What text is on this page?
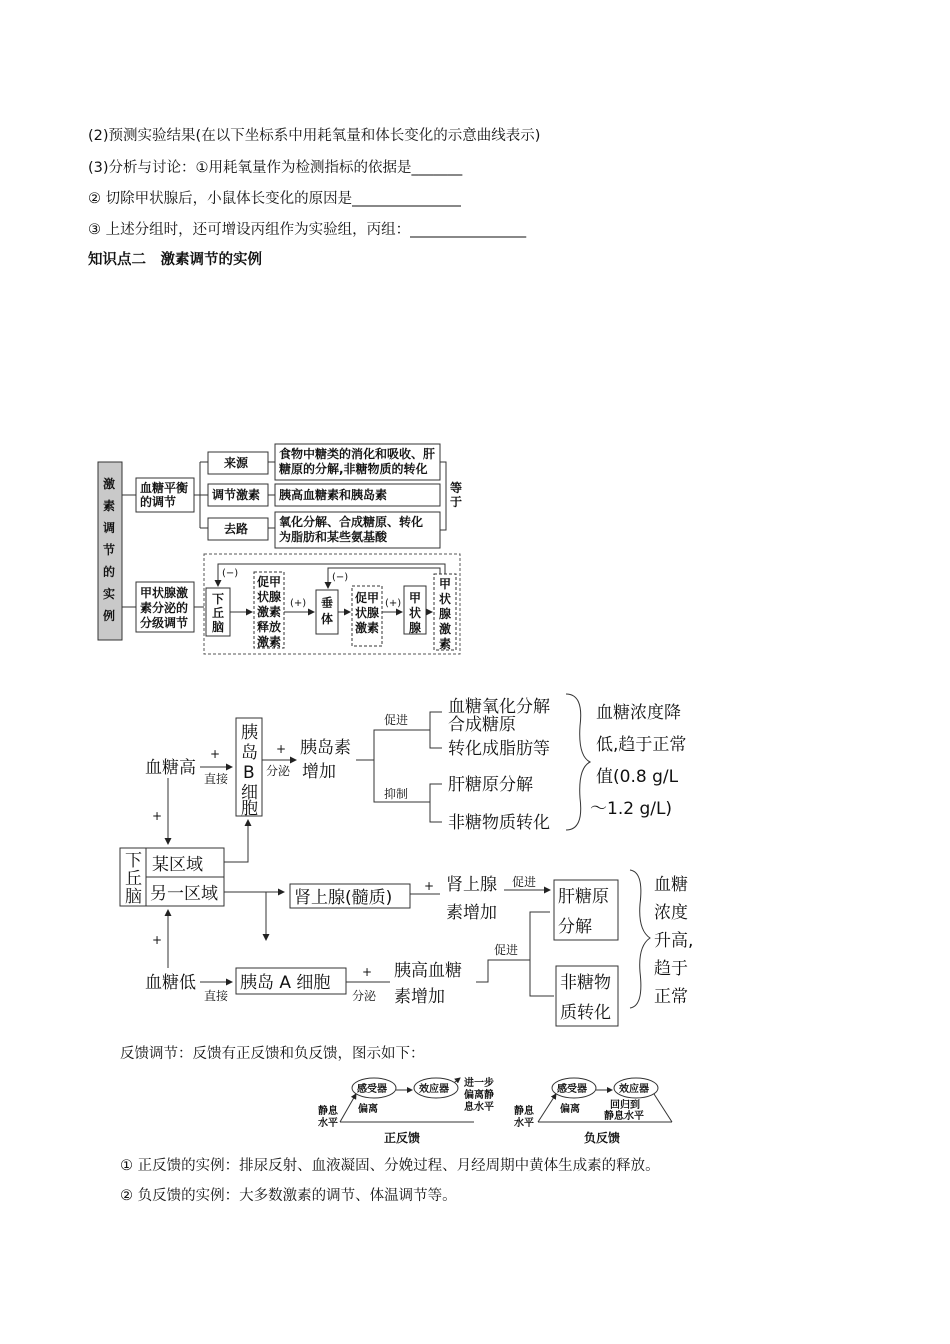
(2)预测实验结果(在以下坐标系中用耗氧量和体长变化的示意曲线表示)
(3)分析与讨论：①用耗氧量作为检测指标的依据是_______
② 切除甲状腺后，小鼠体长变化的原因是_______________
③ 上述分组时，还可增设丙组作为实验组，丙组：________________
知识点二　激素调节的实例
激
素
调
节
的
实
例
血糖平衡
的调节
来源
调节激素
去路
食物中糖类的消化和吸收、肝
糖原的分解,非糖物质的转化
胰高血糖素和胰岛素
氧化分解、合成糖原、转化
为脂肪和某些氨基酸
等
于
甲状腺激
素分泌的
分级调节
下
丘
脑
促甲
状腺
激素
释放
激素
(+) 垂
体
促甲
状腺
激素
(+) 甲
状
腺
甲
状
腺
激
素
(−)	(−)
血糖高
+
直接
胰
岛
B
细
胞
+
分泌
胰岛素
增加
促进
抑制
血糖氧化分解
合成糖原
转化成脂肪等
肝糖原分解
非糖物质转化
血糖浓度降
低,趋于正常
值(0.8 g/L
～1.2 g/L)
+
下
丘
脑
某区域
另一区域	肾上腺(髓质)
+ 肾上腺
素增加
促进
肝糖原
分解
血糖
浓度
升高,
趋于
正常
+
血糖低
直接
胰岛 A 细胞
+
分泌
胰高血糖
素增加
促进
非糖物
质转化
反馈调节：反馈有正反馈和负反馈，图示如下：
感受器	效应器
偏离
静息
水平
进一步
偏离静
息水平
正反馈
感受器	效应器
偏离
静息
水平
回归到
静息水平
负反馈
① 正反馈的实例：排尿反射、血液凝固、分娩过程、月经周期中黄体生成素的释放。
② 负反馈的实例：大多数激素的调节、体温调节等。
